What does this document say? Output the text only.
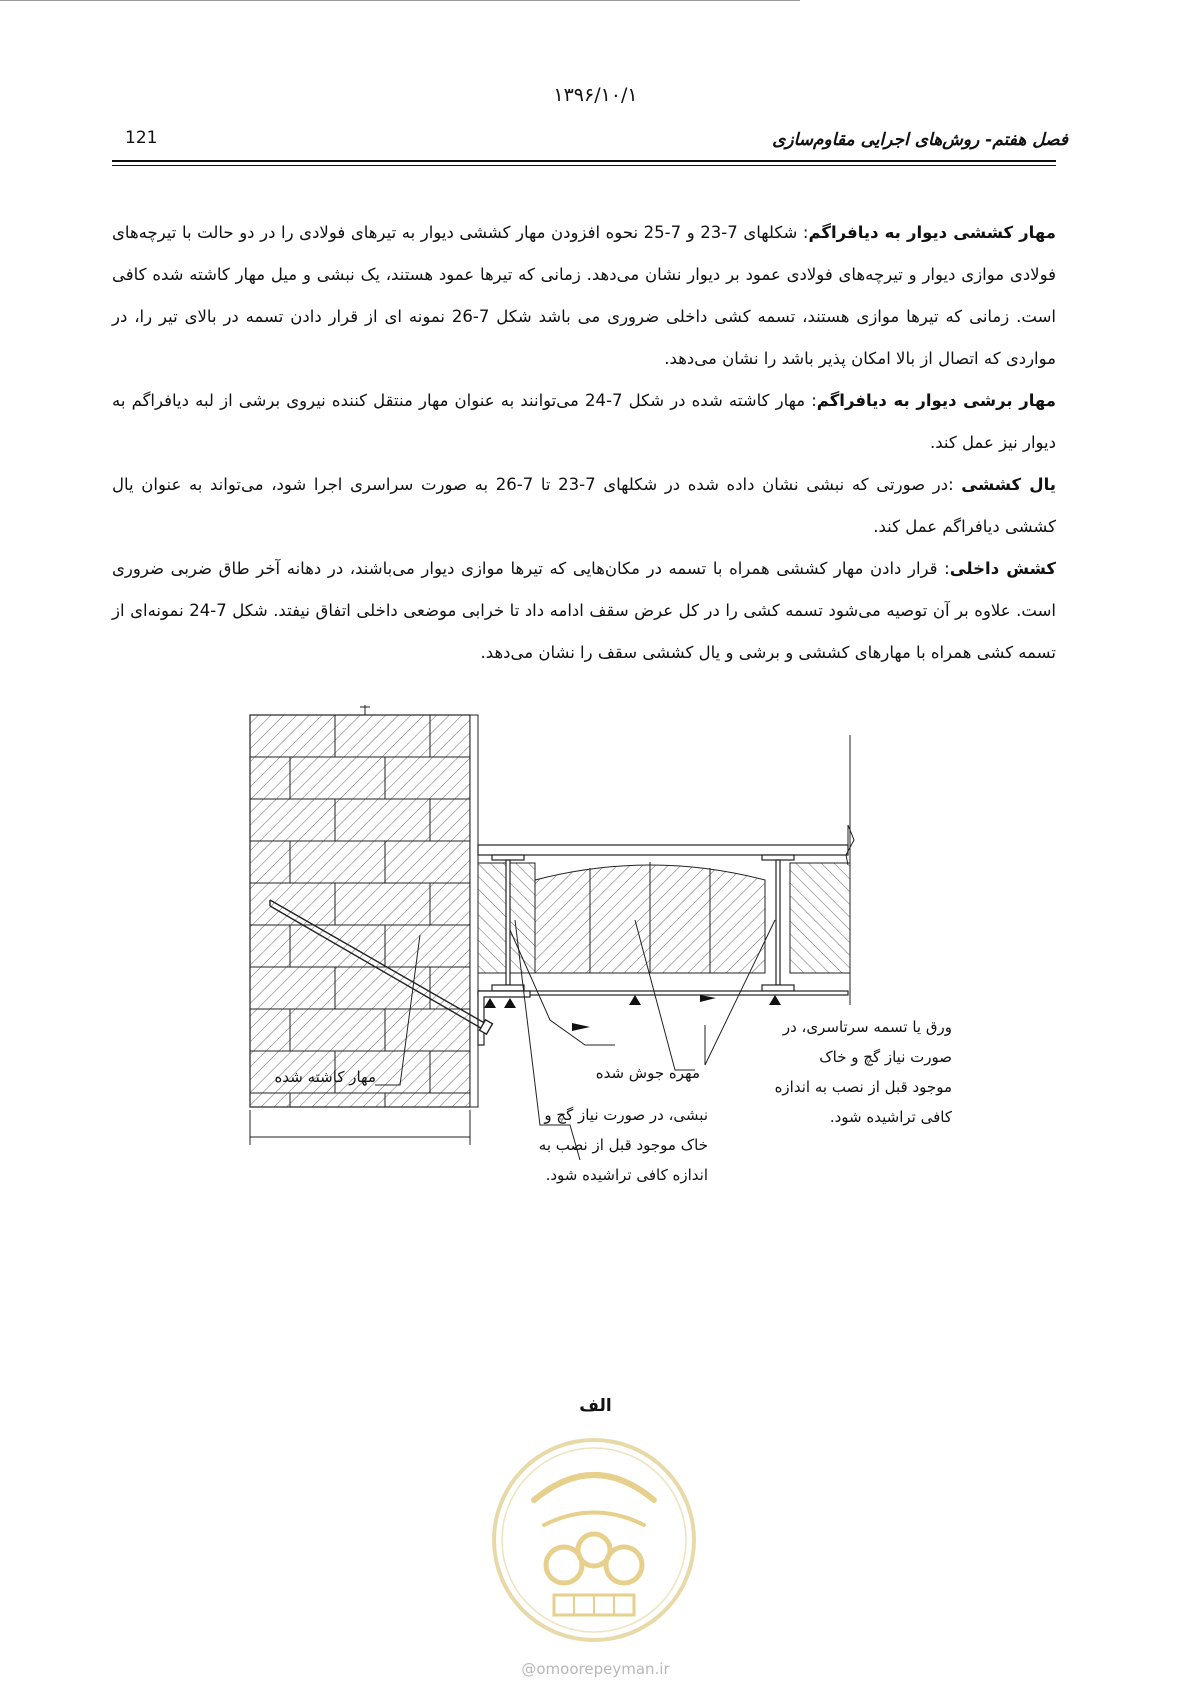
۱۳۹۶/۱۰/۱
121	فصل هفتم- روش‌های اجرایی مقاوم‌سازی

مهار کششی دیوار به دیافراگم: شکلهای 7-23 و 7-25 نحوه افزودن مهار کششی دیوار به تیرهای فولادی را در دو حالت با تیرچه‌های فولادی موازی دیوار و تیرچه‌های فولادی عمود بر دیوار نشان می‌دهد. زمانی که تیرها عمود هستند، یک نبشی و میل مهار کاشته شده کافی است. زمانی که تیرها موازی هستند، تسمه کشی داخلی ضروری می باشد شکل 7-26 نمونه ای از قرار دادن تسمه در بالای تیر را، در مواردی که اتصال از بالا امکان پذیر باشد را نشان می‌دهد.

مهار برشی دیوار به دیافراگم: مهار کاشته شده در شکل 7-24 می‌توانند به عنوان مهار منتقل کننده نیروی برشی از لبه دیافراگم به دیوار نیز عمل کند.

یال کششی :در صورتی که نبشی نشان داده شده در شکلهای 7-23 تا 7-26 به صورت سراسری اجرا شود، می‌تواند به عنوان یال کششی دیافراگم عمل کند.

کشش داخلی: قرار دادن مهار کششی همراه با تسمه در مکان‌هایی که تیرها موازی دیوار می‌باشند، در دهانه آخر طاق ضربی ضروری است. علاوه بر آن توصیه می‌شود تسمه کشی را در کل عرض سقف ادامه داد تا خرابی موضعی داخلی اتفاق نیفتد. شکل 7-24 نمونه‌ای از تسمه کشی همراه با مهارهای کششی و برشی و یال کششی سقف را نشان می‌دهد.

مهار کاشته شده	مهره جوش شده
نبشی، در صورت نیاز گچ و
خاک موجود قبل از نصب به
اندازه کافی تراشیده شود.
ورق یا تسمه سرتاسری، در
صورت نیاز گچ و خاک
موجود قبل از نصب به اندازه
کافی تراشیده شود.
الف
@omoorepeyman.ir
